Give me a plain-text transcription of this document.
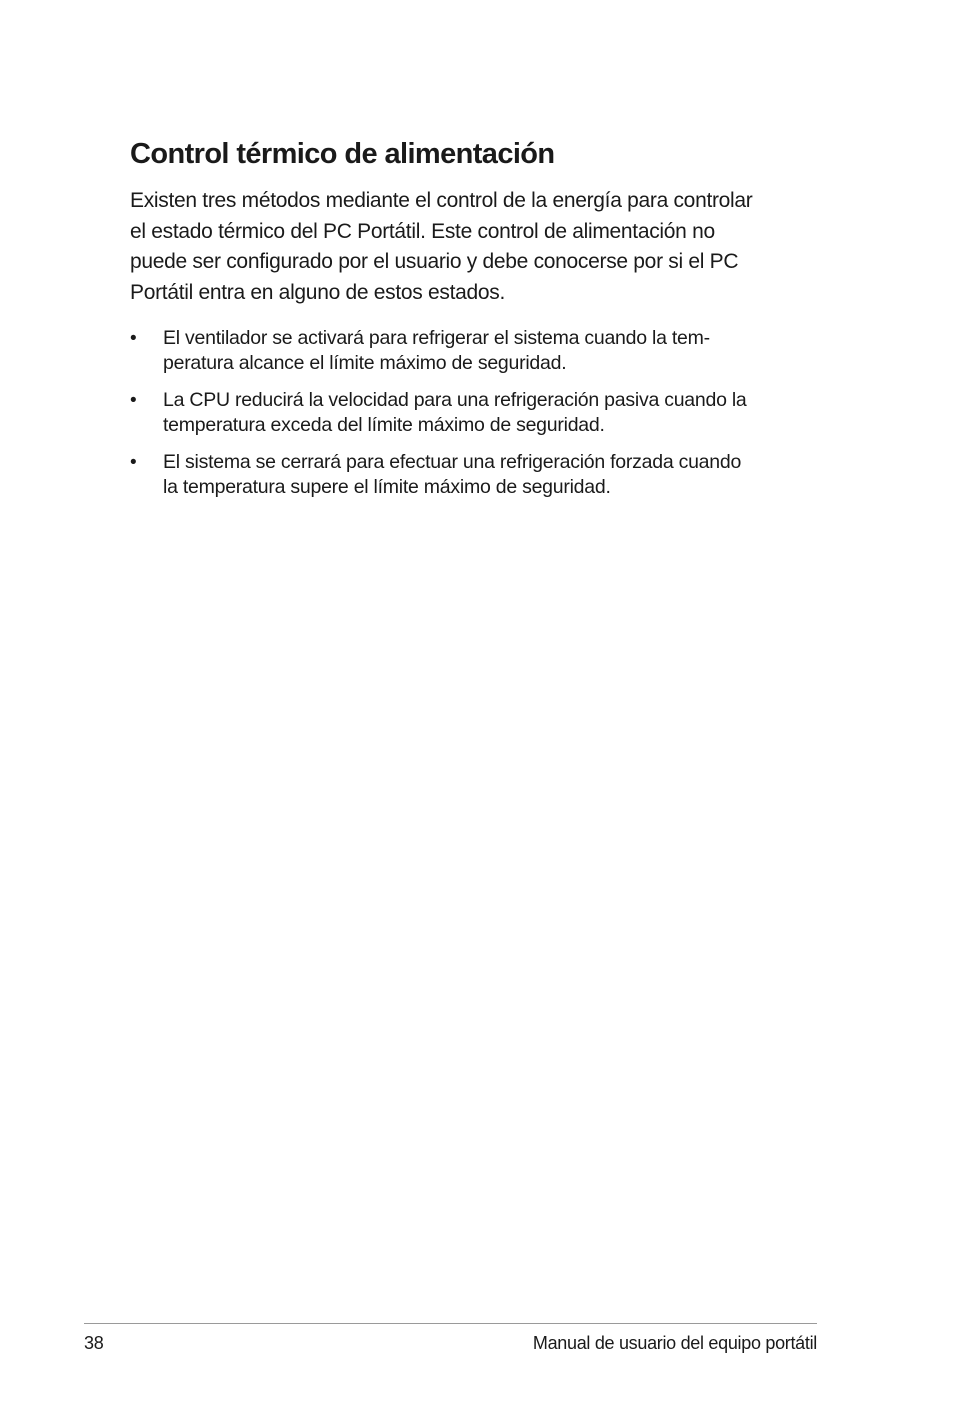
Control térmico de alimentación

Existen tres métodos mediante el control de la energía para controlar
el estado térmico del PC Portátil. Este control de alimentación no
puede ser configurado por el usuario y debe conocerse por si el PC
Portátil entra en alguno de estos estados.

• El ventilador se activará para refrigerar el sistema cuando la tem-
peratura alcance el límite máximo de seguridad.
• La CPU reducirá la velocidad para una refrigeración pasiva cuando la
temperatura exceda del límite máximo de seguridad.
• El sistema se cerrará para efectuar una refrigeración forzada cuando
la temperatura supere el límite máximo de seguridad.
38	Manual de usuario del equipo portátil
